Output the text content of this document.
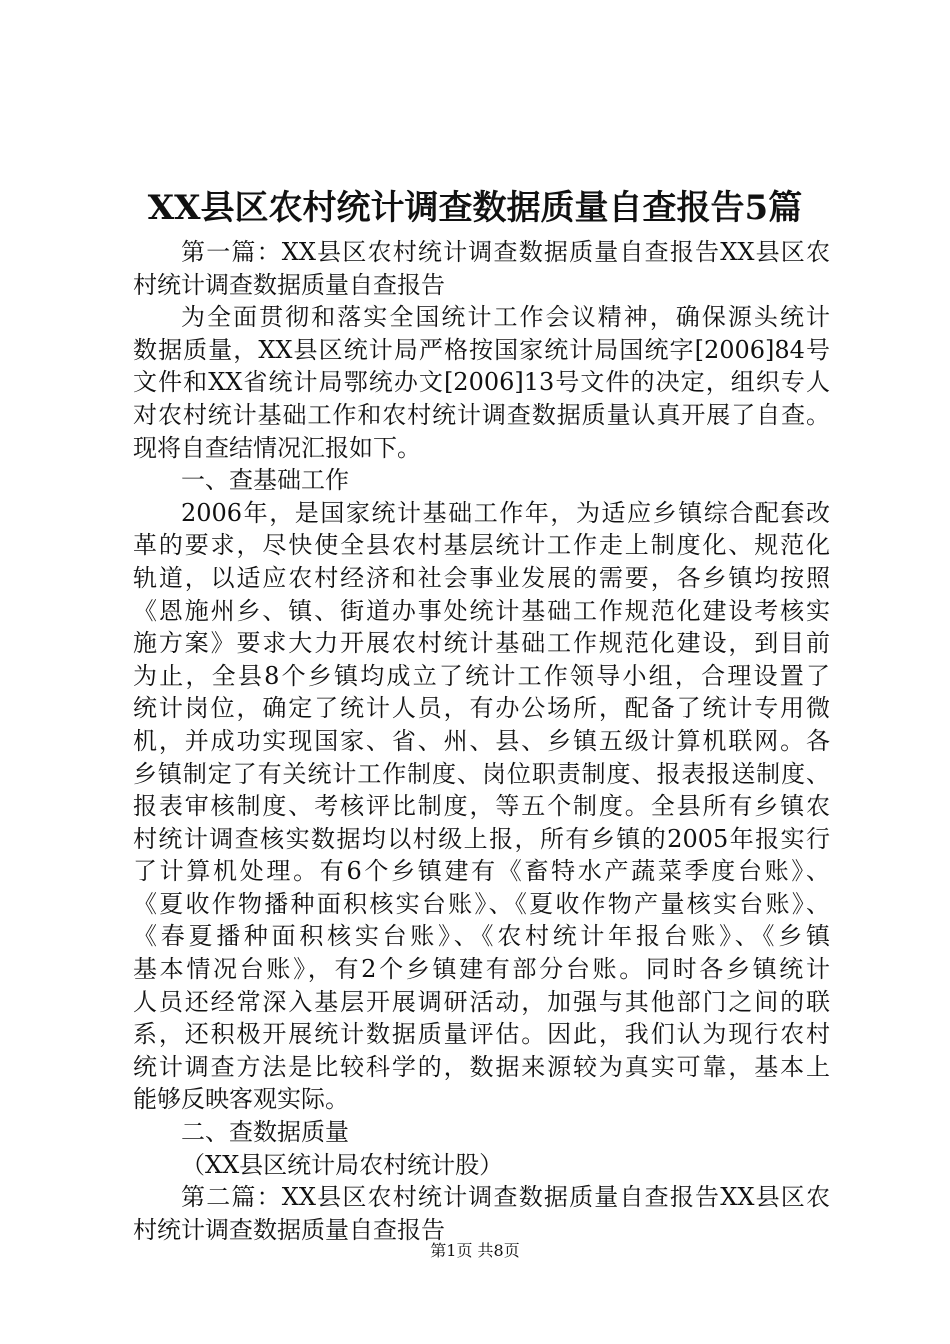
XX县区农村统计调查数据质量自查报告5篇
第一篇：XX县区农村统计调查数据质量自查报告XX县区农
村统计调查数据质量自查报告
为全面贯彻和落实全国统计工作会议精神，确保源头统计
数据质量，XX县区统计局严格按国家统计局国统字[2006]84号
文件和XX省统计局鄂统办文[2006]13号文件的决定，组织专人
对农村统计基础工作和农村统计调查数据质量认真开展了自查。
现将自查结情况汇报如下。
一、查基础工作
2006年，是国家统计基础工作年，为适应乡镇综合配套改
革的要求，尽快使全县农村基层统计工作走上制度化、规范化
轨道，以适应农村经济和社会事业发展的需要，各乡镇均按照
《恩施州乡、镇、街道办事处统计基础工作规范化建设考核实
施方案》要求大力开展农村统计基础工作规范化建设，到目前
为止，全县8个乡镇均成立了统计工作领导小组，合理设置了
统计岗位，确定了统计人员，有办公场所，配备了统计专用微
机，并成功实现国家、省、州、县、乡镇五级计算机联网。各
乡镇制定了有关统计工作制度、岗位职责制度、报表报送制度、
报表审核制度、考核评比制度，等五个制度。全县所有乡镇农
村统计调查核实数据均以村级上报，所有乡镇的2005年报实行
了计算机处理。有6个乡镇建有《畜特水产蔬菜季度台账》、
《夏收作物播种面积核实台账》、《夏收作物产量核实台账》、
《春夏播种面积核实台账》、《农村统计年报台账》、《乡镇
基本情况台账》，有2个乡镇建有部分台账。同时各乡镇统计
人员还经常深入基层开展调研活动，加强与其他部门之间的联
系，还积极开展统计数据质量评估。因此，我们认为现行农村
统计调查方法是比较科学的，数据来源较为真实可靠，基本上
能够反映客观实际。
二、查数据质量
（XX县区统计局农村统计股）
第二篇：XX县区农村统计调查数据质量自查报告XX县区农
村统计调查数据质量自查报告
第1页 共8页
